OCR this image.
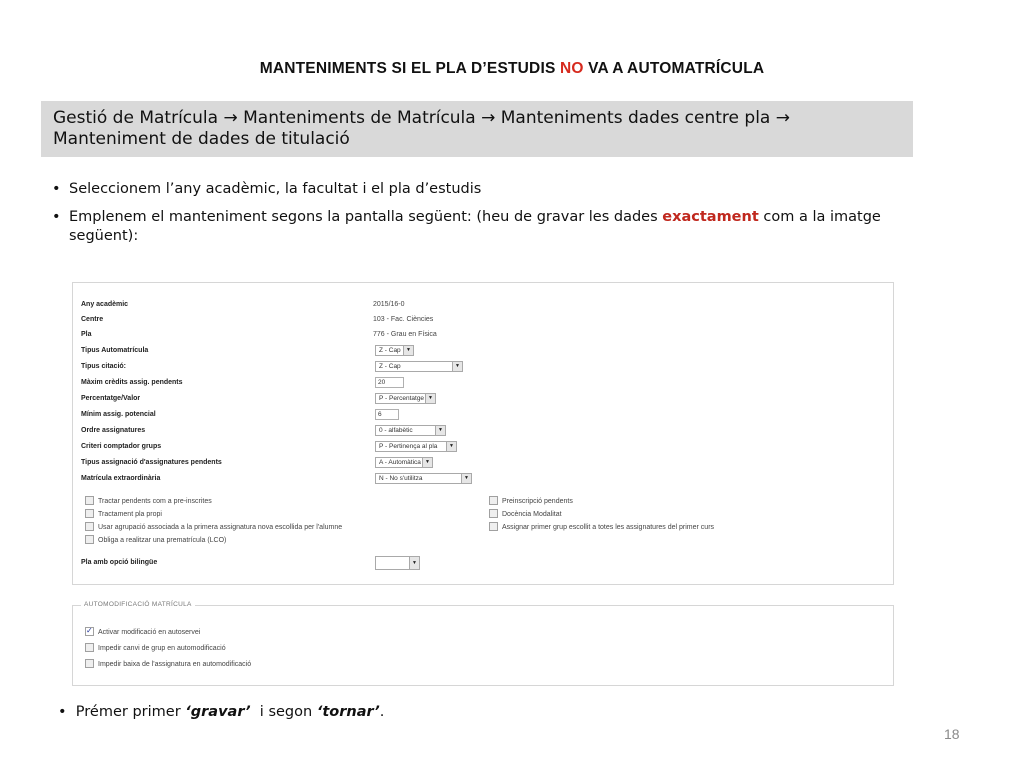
MANTENIMENTS SI EL PLA D’ESTUDIS NO VA A AUTOMATRÍCULA
Gestió de Matrícula → Manteniments de Matrícula → Manteniments dades centre pla →
Manteniment de dades de titulació
• Seleccionem l’any acadèmic, la facultat i el pla d’estudis
• Emplenem el manteniment segons la pantalla següent: (heu de gravar les dades exactament com a la imatge següent):
Any acadèmic	2015/16-0
Centre	103 - Fac. Ciències
Pla	776 - Grau en Física
Tipus Automatrícula	Z - Cap	▼
Tipus citació:	Z - Cap	▼
Màxim crèdits assig. pendents	20
Percentatge/Valor	P - Percentatge ▼
Mínim assig. potencial	6
Ordre assignatures	0 - alfabètic	▼
Criteri comptador grups	P - Pertinença al pla	▼
Tipus assignació d'assignatures pendents	A - Automàtica ▼
Matrícula extraordinària	N - No s'utilitza	▼
Tractar pendents com a pre-inscrites
Tractament pla propi
Usar agrupació associada a la primera assignatura nova escollida per l'alumne
Obliga a realitzar una prematrícula (LCO)
Preinscripció pendents
Docència Modalitat
Assignar primer grup escollit a totes les assignatures del primer curs
Pla amb opció bilingüe	▼
AUTOMODIFICACIÓ MATRÍCULA
✓Activar modificació en autoservei
Impedir canvi de grup en automodificació
Impedir baixa de l'assignatura en automodificació
•  Prémer primer ‘gravar’  i segon ‘tornar’.
18
